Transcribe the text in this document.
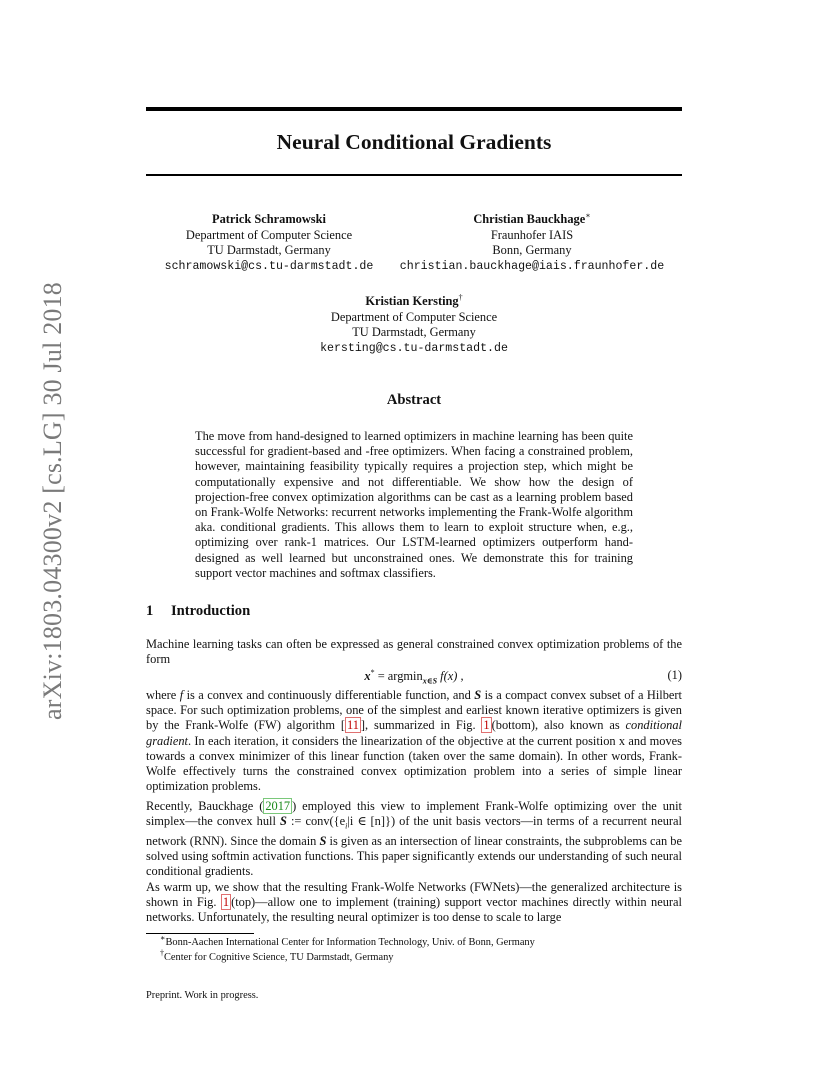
arXiv:1803.04300v2 [cs.LG] 30 Jul 2018
Neural Conditional Gradients
Patrick Schramowski
Department of Computer Science
TU Darmstadt, Germany
schramowski@cs.tu-darmstadt.de
Christian Bauckhage∗
Fraunhofer IAIS
Bonn, Germany
christian.bauckhage@iais.fraunhofer.de
Kristian Kersting†
Department of Computer Science
TU Darmstadt, Germany
kersting@cs.tu-darmstadt.de
Abstract
The move from hand-designed to learned optimizers in machine learning has been quite successful for gradient-based and -free optimizers. When facing a constrained problem, however, maintaining feasibility typically requires a projection step, which might be computationally expensive and not differentiable. We show how the design of projection-free convex optimization algorithms can be cast as a learning problem based on Frank-Wolfe Networks: recurrent networks implementing the Frank-Wolfe algorithm aka. conditional gradients. This allows them to learn to exploit structure when, e.g., optimizing over rank-1 matrices. Our LSTM-learned optimizers outperform hand-designed as well learned but unconstrained ones. We demonstrate this for training support vector machines and softmax classifiers.
1 Introduction
Machine learning tasks can often be expressed as general constrained convex optimization problems of the form
x* = argmin$_{x\in S}$ f(x) ,	(1)
where f is a convex and continuously differentiable function, and S is a compact convex subset of a Hilbert space. For such optimization problems, one of the simplest and earliest known iterative optimizers is given by the Frank-Wolfe (FW) algorithm [ 11 ], summarized in Fig. 1 (bottom), also known as conditional gradient. In each iteration, it considers the linearization of the objective at the current position x and moves towards a convex minimizer of this linear function (taken over the same domain). In other words, Frank-Wolfe effectively turns the constrained convex optimization problem into a series of simple linear optimization problems.
Recently, Bauckhage ( 2017 ) employed this view to implement Frank-Wolfe optimizing over the unit simplex—the convex hull S := $conv(\{e_i|i$ ∈ [n]}) of the unit basis vectors—in terms of a recurrent neural network (RNN). Since the domain S is given as an intersection of linear constraints, the subproblems can be solved using softmin activation functions. This paper significantly extends our understanding of such neural conditional gradients.
As warm up, we show that the resulting Frank-Wolfe Networks (FWNets)—the generalized architecture is shown in Fig. 1 (top)—allow one to implement (training) support vector machines directly within neural networks. Unfortunately, the resulting neural optimizer is too dense to scale to large
∗Bonn-Aachen International Center for Information Technology, Univ. of Bonn, Germany
†Center for Cognitive Science, TU Darmstadt, Germany
Preprint. Work in progress.
